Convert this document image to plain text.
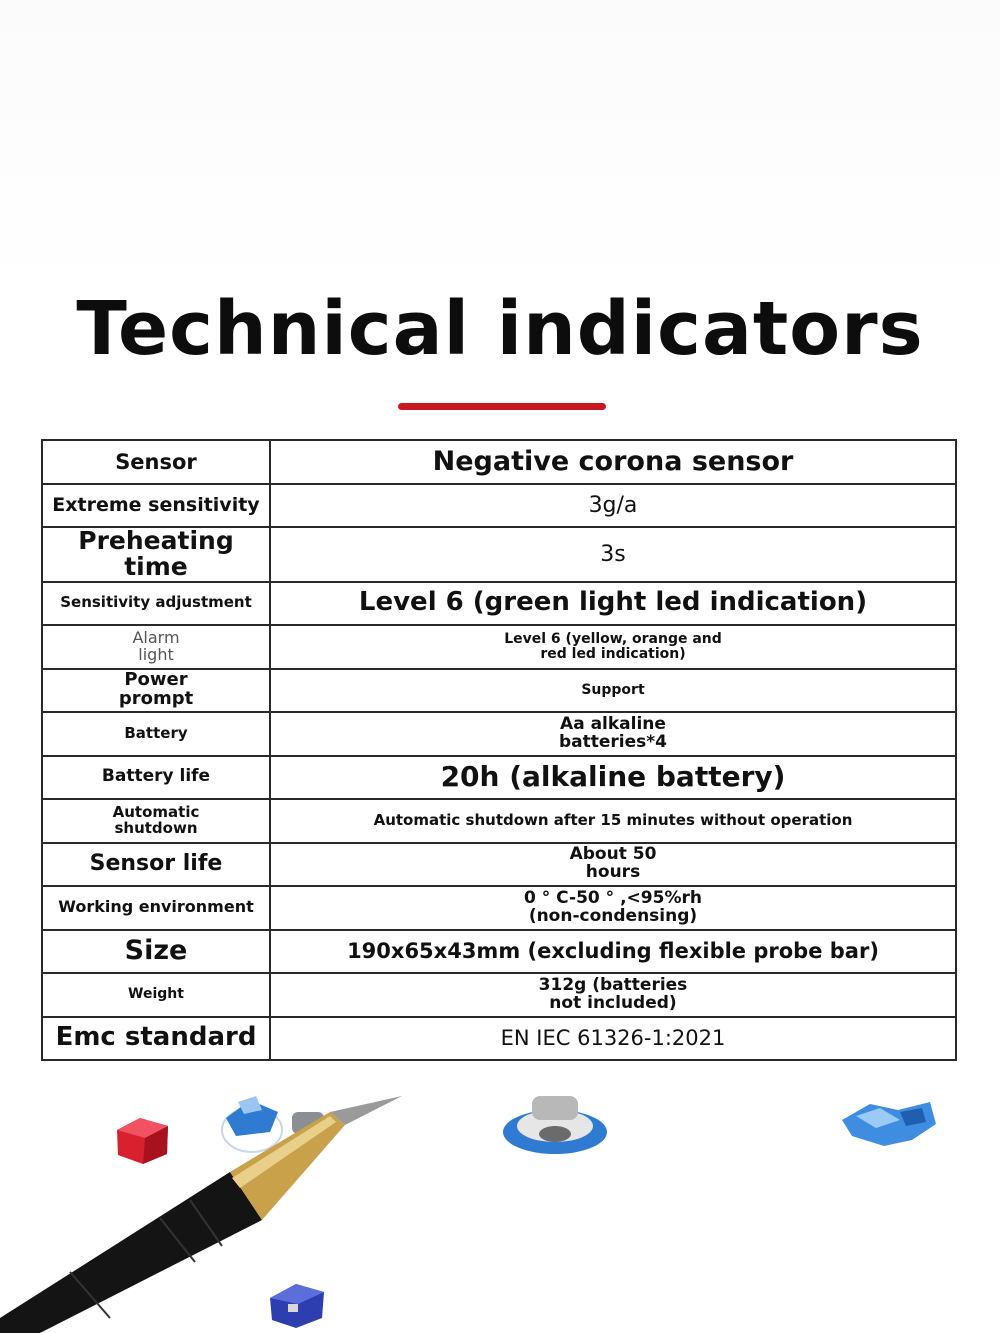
Technical indicators
Sensor	Negative corona sensor
Extreme sensitivity	3g/a
Preheating time	3s
Sensitivity adjustment	Level 6 (green light led indication)
Alarm light	Level 6 (yellow, orange and red led indication)
Power prompt	Support
Battery	Aa alkaline batteries*4
Battery life	20h (alkaline battery)
Automatic shutdown	Automatic shutdown after 15 minutes without operation
Sensor life	About 50 hours
Working environment	0 ° C-50 ° ￼,<95%rh (non-condensing)
Size	190x65x43mm (excluding flexible probe bar)
Weight	312g (batteries not included)
Emc standard	EN IEC 61326-1:2021
